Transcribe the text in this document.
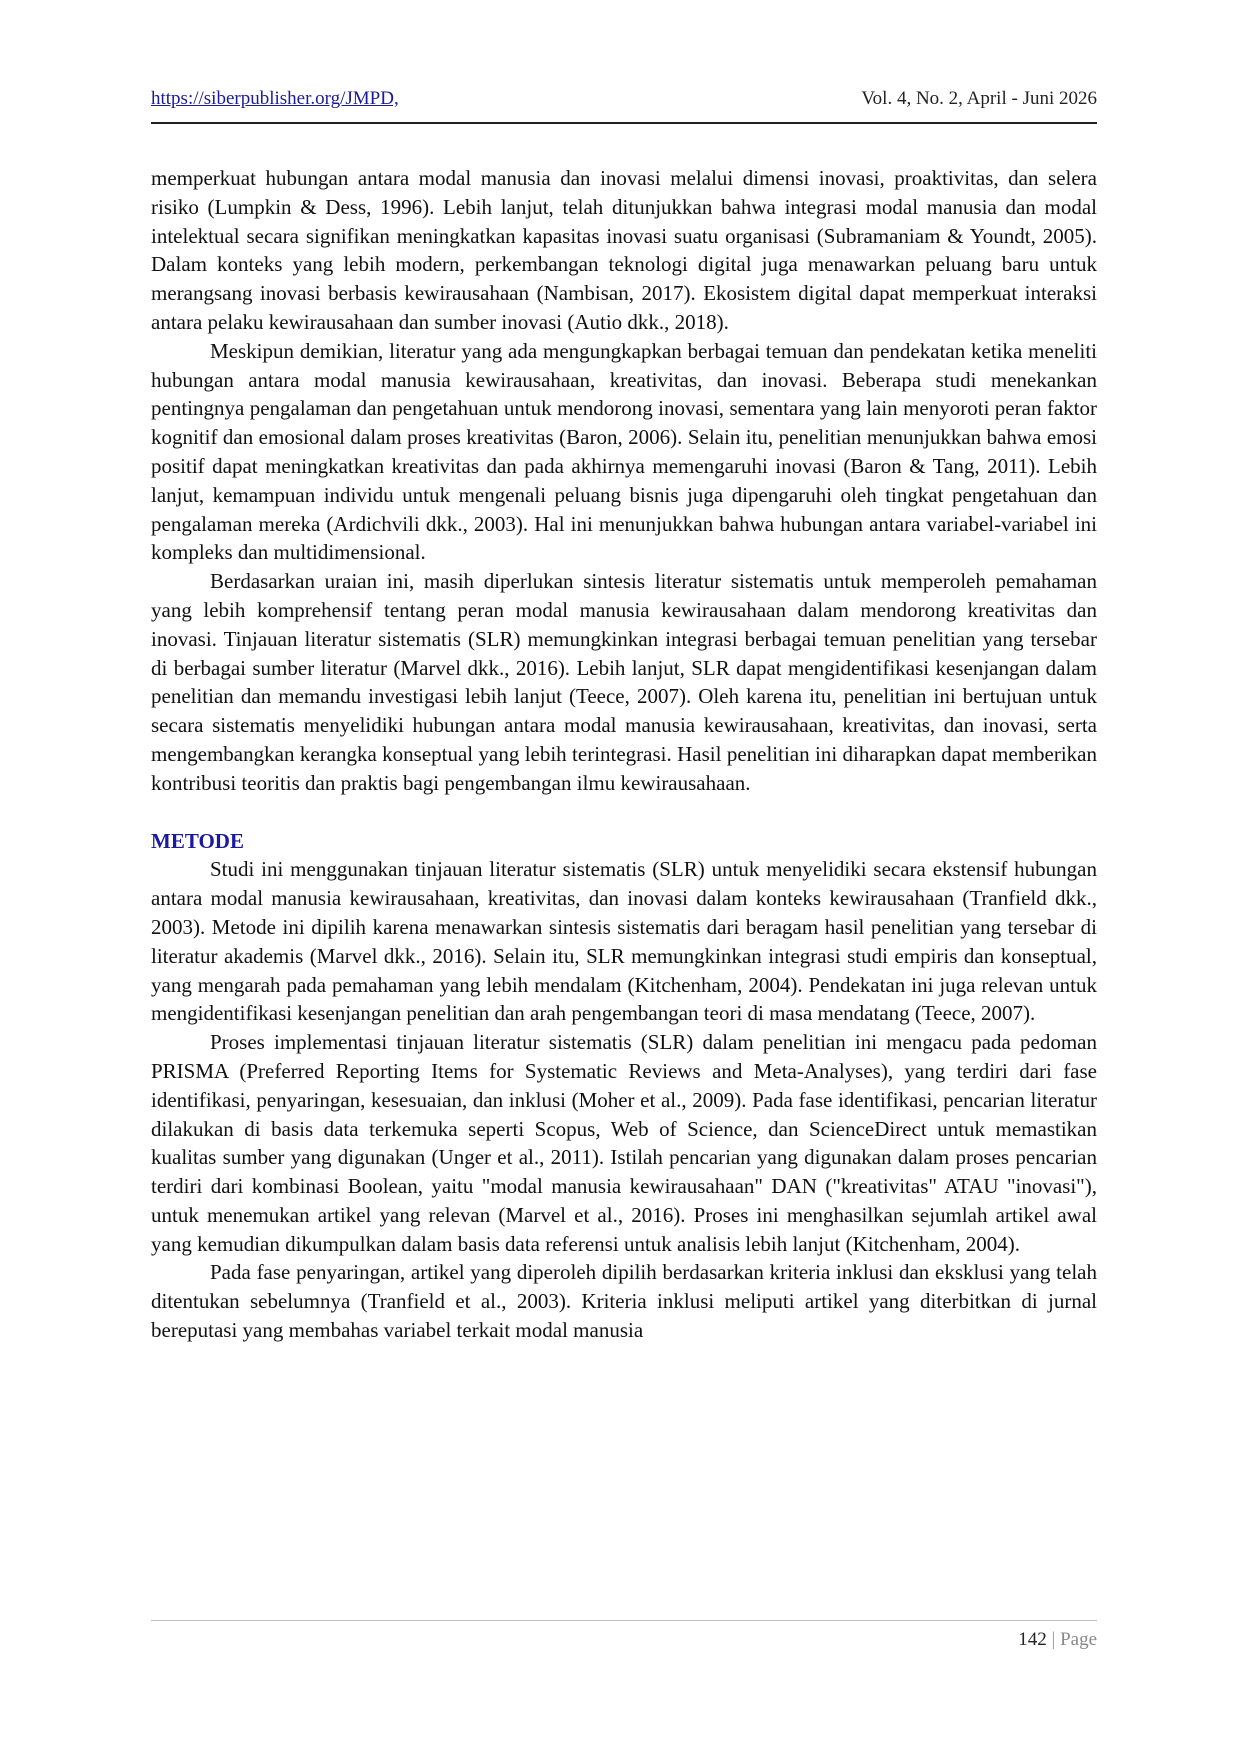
https://siberpublisher.org/JMPD,	Vol. 4, No. 2, April - Juni 2026

memperkuat hubungan antara modal manusia dan inovasi melalui dimensi inovasi, proaktivitas, dan selera risiko (Lumpkin & Dess, 1996). Lebih lanjut, telah ditunjukkan bahwa integrasi modal manusia dan modal intelektual secara signifikan meningkatkan kapasitas inovasi suatu organisasi (Subramaniam & Youndt, 2005). Dalam konteks yang lebih modern, perkembangan teknologi digital juga menawarkan peluang baru untuk merangsang inovasi berbasis kewirausahaan (Nambisan, 2017). Ekosistem digital dapat memperkuat interaksi antara pelaku kewirausahaan dan sumber inovasi (Autio dkk., 2018).

Meskipun demikian, literatur yang ada mengungkapkan berbagai temuan dan pendekatan ketika meneliti hubungan antara modal manusia kewirausahaan, kreativitas, dan inovasi. Beberapa studi menekankan pentingnya pengalaman dan pengetahuan untuk mendorong inovasi, sementara yang lain menyoroti peran faktor kognitif dan emosional dalam proses kreativitas (Baron, 2006). Selain itu, penelitian menunjukkan bahwa emosi positif dapat meningkatkan kreativitas dan pada akhirnya memengaruhi inovasi (Baron & Tang, 2011). Lebih lanjut, kemampuan individu untuk mengenali peluang bisnis juga dipengaruhi oleh tingkat pengetahuan dan pengalaman mereka (Ardichvili dkk., 2003). Hal ini menunjukkan bahwa hubungan antara variabel-variabel ini kompleks dan multidimensional.

Berdasarkan uraian ini, masih diperlukan sintesis literatur sistematis untuk memperoleh pemahaman yang lebih komprehensif tentang peran modal manusia kewirausahaan dalam mendorong kreativitas dan inovasi. Tinjauan literatur sistematis (SLR) memungkinkan integrasi berbagai temuan penelitian yang tersebar di berbagai sumber literatur (Marvel dkk., 2016). Lebih lanjut, SLR dapat mengidentifikasi kesenjangan dalam penelitian dan memandu investigasi lebih lanjut (Teece, 2007). Oleh karena itu, penelitian ini bertujuan untuk secara sistematis menyelidiki hubungan antara modal manusia kewirausahaan, kreativitas, dan inovasi, serta mengembangkan kerangka konseptual yang lebih terintegrasi. Hasil penelitian ini diharapkan dapat memberikan kontribusi teoritis dan praktis bagi pengembangan ilmu kewirausahaan.

METODE

Studi ini menggunakan tinjauan literatur sistematis (SLR) untuk menyelidiki secara ekstensif hubungan antara modal manusia kewirausahaan, kreativitas, dan inovasi dalam konteks kewirausahaan (Tranfield dkk., 2003). Metode ini dipilih karena menawarkan sintesis sistematis dari beragam hasil penelitian yang tersebar di literatur akademis (Marvel dkk., 2016). Selain itu, SLR memungkinkan integrasi studi empiris dan konseptual, yang mengarah pada pemahaman yang lebih mendalam (Kitchenham, 2004). Pendekatan ini juga relevan untuk mengidentifikasi kesenjangan penelitian dan arah pengembangan teori di masa mendatang (Teece, 2007).

Proses implementasi tinjauan literatur sistematis (SLR) dalam penelitian ini mengacu pada pedoman PRISMA (Preferred Reporting Items for Systematic Reviews and Meta-Analyses), yang terdiri dari fase identifikasi, penyaringan, kesesuaian, dan inklusi (Moher et al., 2009). Pada fase identifikasi, pencarian literatur dilakukan di basis data terkemuka seperti Scopus, Web of Science, dan ScienceDirect untuk memastikan kualitas sumber yang digunakan (Unger et al., 2011). Istilah pencarian yang digunakan dalam proses pencarian terdiri dari kombinasi Boolean, yaitu "modal manusia kewirausahaan" DAN ("kreativitas" ATAU "inovasi"), untuk menemukan artikel yang relevan (Marvel et al., 2016). Proses ini menghasilkan sejumlah artikel awal yang kemudian dikumpulkan dalam basis data referensi untuk analisis lebih lanjut (Kitchenham, 2004).

Pada fase penyaringan, artikel yang diperoleh dipilih berdasarkan kriteria inklusi dan eksklusi yang telah ditentukan sebelumnya (Tranfield et al., 2003). Kriteria inklusi meliputi artikel yang diterbitkan di jurnal bereputasi yang membahas variabel terkait modal manusia

142 | Page
